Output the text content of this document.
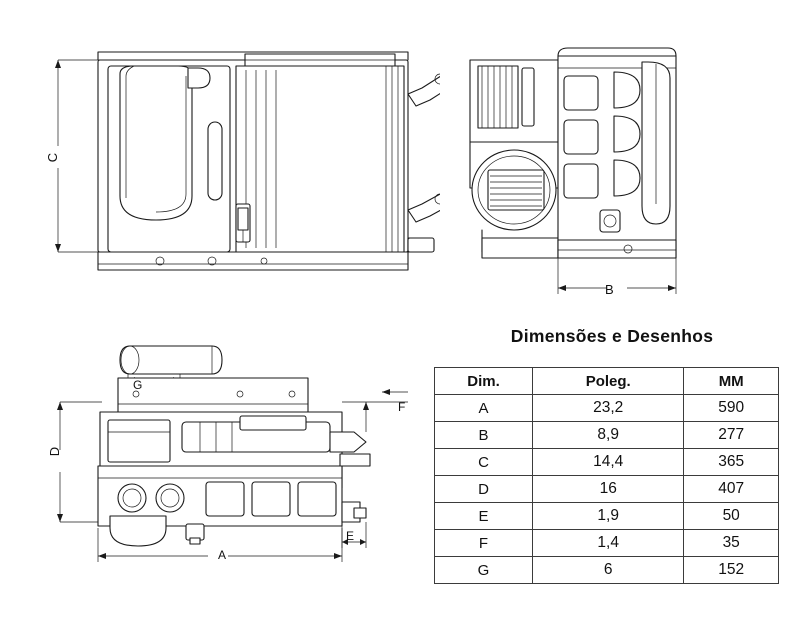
C
B
G
D
F
E
A
Dimensões e Desenhos
Dim.	Poleg.	MM
A	23,2	590
B	8,9	277
C	14,4	365
D	16	407
E	1,9	50
F	1,4	35
G	6	152
